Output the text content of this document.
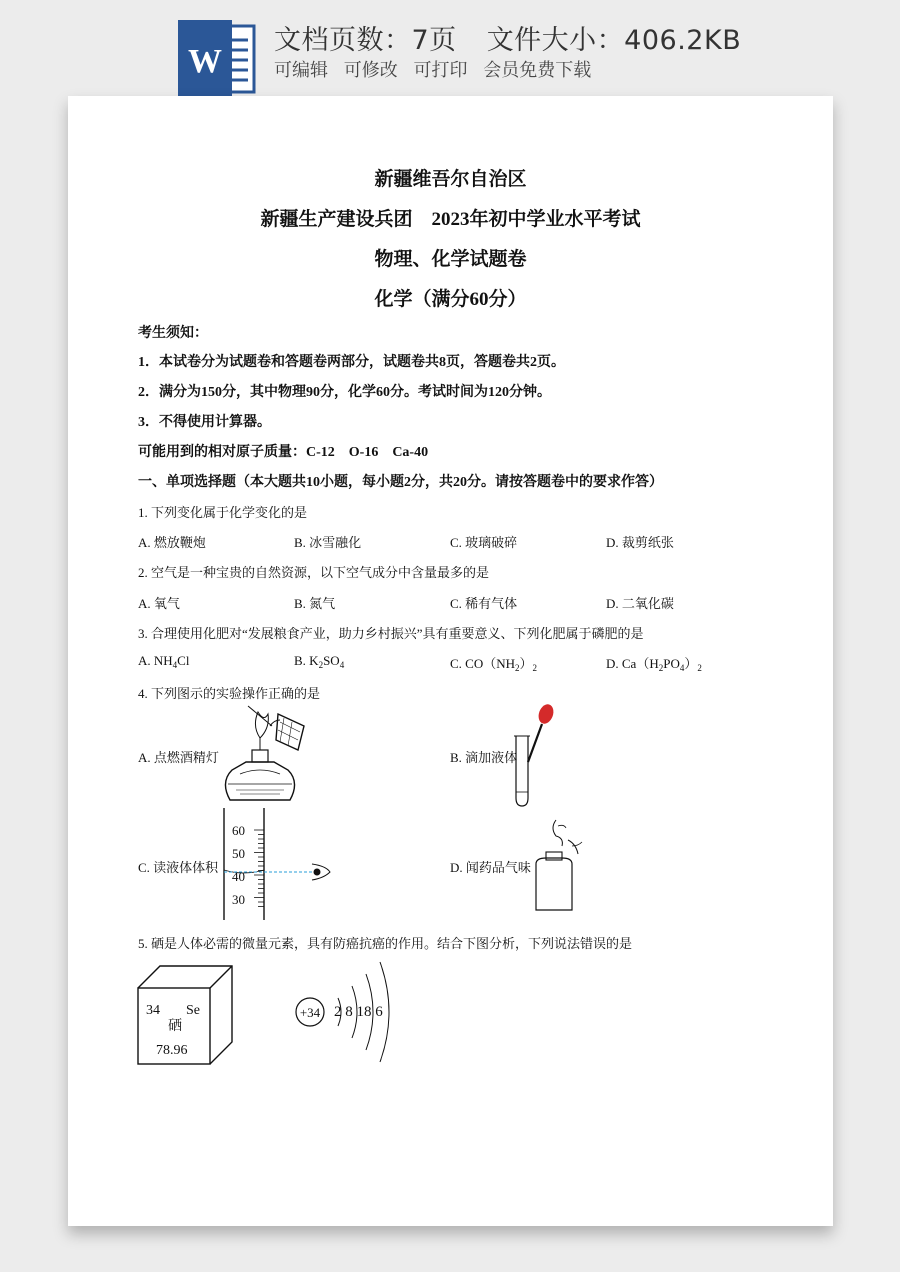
W
文档页数：7页 文件大小：406.2KB
可编辑 可修改 可打印 会员免费下载
新疆维吾尔自治区
新疆生产建设兵团　 2023年初中学业水平考试
物理、化学试题卷
化学（满分60分）
考生须知：
1．本试卷分为试题卷和答题卷两部分，试题卷共8页，答题卷共2页。
2．满分为150分，其中物理90分，化学60分。考试时间为120分钟。
3．不得使用计算器。
可能用到的相对原子质量：C-12　O-16　Ca-40
一、单项选择题（本大题共10小题，每小题2分，共20分。请按答题卷中的要求作答）
1. 下列变化属于化学变化的是
A. 燃放鞭炮	B. 冰雪融化	C. 玻璃破碎	D. 裁剪纸张
2. 空气是一种宝贵的自然资源，以下空气成分中含量最多的是
A. 氧气	B. 氮气	C. 稀有气体	D. 二氧化碳
3. 合理使用化肥对“发展粮食产业，助力乡村振兴”具有重要意义、下列化肥属于磷肥的是
A. $NH_4Cl$	B. $K_2SO_4$	C. $CO(NH_2)_2$	D. $Ca(H_2PO_4)_2$
4. 下列图示的实验操作正确的是
A. 点燃酒精灯	B. 滴加液体
C. 读液体体积	D. 闻药品气味
60
50
40
30
5. 硒是人体必需的微量元素，具有防癌抗癌的作用。结合下图分析，下列说法错误的是
34 Se
硒
78.96
+34 2 8 18 6
